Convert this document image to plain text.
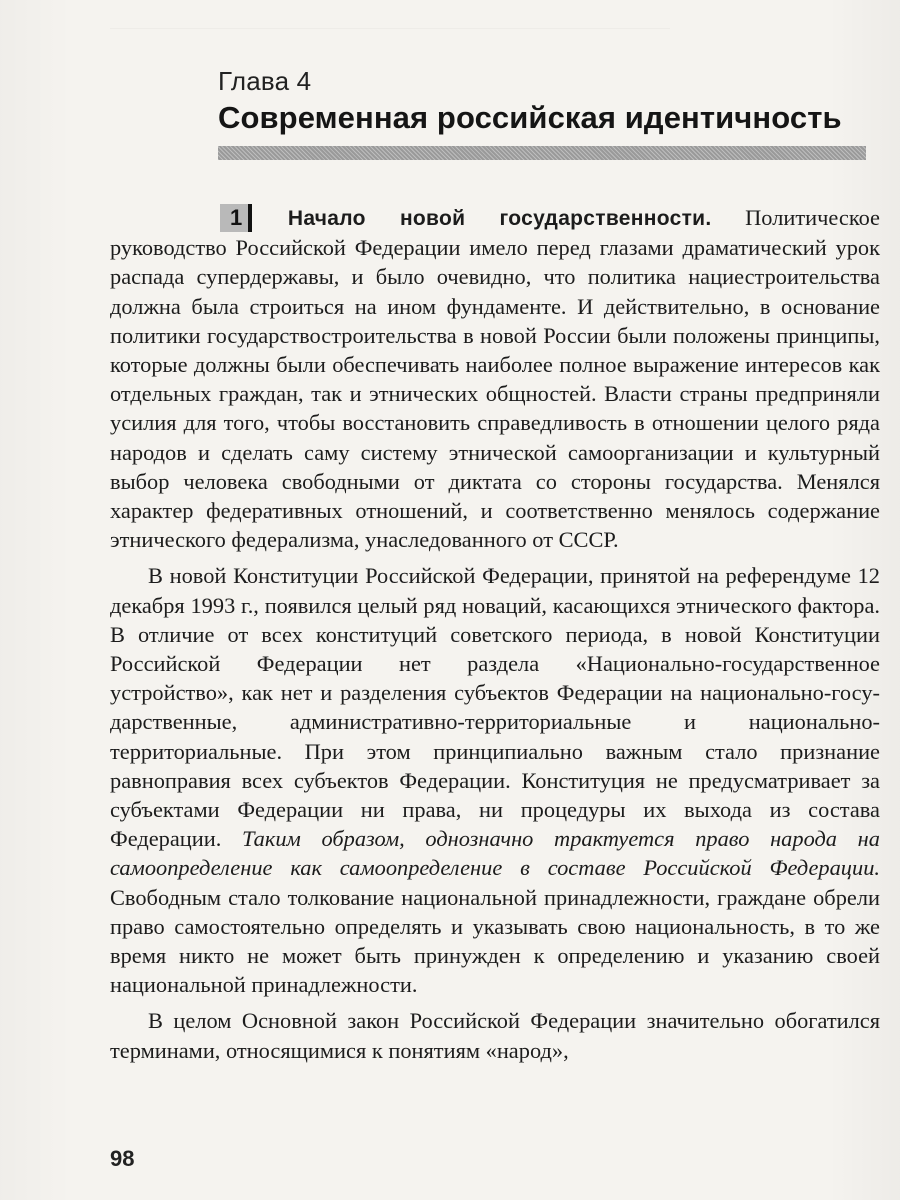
Глава 4
Современная российская идентичность

1 Начало новой государственности. Политическое руководство Российской Федерации имело перед глазами драматический урок распада супердержавы, и было очевидно, что политика нациестроительства должна была строиться на ином фундаменте. И действительно, в основание политики государствостроительства в новой России были положены принципы, которые должны были обеспечивать наиболее полное выражение интересов как отдельных граждан, так и этнических общностей. Власти страны предприняли усилия для того, чтобы восстановить справедливость в отношении целого ряда народов и сделать саму систему этнической самоорганизации и культурный выбор человека свободными от диктата со стороны государства. Менялся характер федеративных отношений, и соответственно менялось содержание этнического федерализма, унаследованного от СССР.

В новой Конституции Российской Федерации, принятой на референдуме 12 декабря 1993 г., появился целый ряд новаций, касающихся этнического фактора. В отличие от всех конституций советского периода, в новой Конституции Российской Федерации нет раздела «Национально-государственное устройство», как нет и разделения субъектов Федерации на национально-государственные, административно-территориальные и национально-территориальные. При этом принципиально важным стало признание равноправия всех субъектов Федерации. Конституция не предусматривает за субъектами Федерации ни права, ни процедуры их выхода из состава Федерации. Таким образом, однозначно трактуется право народа на самоопределение как самоопределение в составе Российской Федерации. Свободным стало толкование национальной принадлежности, граждане обрели право самостоятельно определять и указывать свою национальность, в то же время никто не может быть принужден к определению и указанию своей национальной принадлежности.

В целом Основной закон Российской Федерации значительно обогатился терминами, относящимися к понятиям «народ»,

98
